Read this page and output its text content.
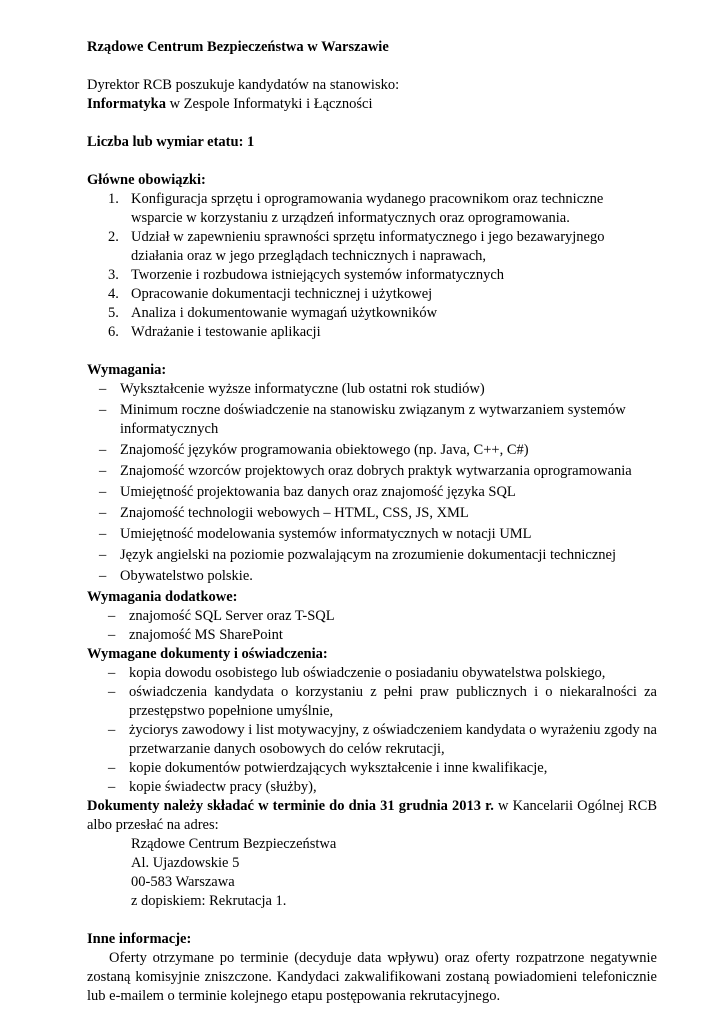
Rządowe Centrum Bezpieczeństwa w Warszawie
Dyrektor RCB poszukuje kandydatów na stanowisko:
Informatyka w Zespole Informatyki i Łączności
Liczba lub wymiar etatu: 1
Główne obowiązki:
1. Konfiguracja sprzętu i oprogramowania wydanego pracownikom oraz techniczne wsparcie w korzystaniu z urządzeń informatycznych oraz oprogramowania.
2. Udział w zapewnieniu sprawności sprzętu informatycznego i jego bezawaryjnego działania oraz w jego przeglądach technicznych i naprawach,
3. Tworzenie i rozbudowa istniejących systemów informatycznych
4. Opracowanie dokumentacji technicznej i użytkowej
5. Analiza i dokumentowanie wymagań użytkowników
6. Wdrażanie i testowanie aplikacji
Wymagania:
– Wykształcenie wyższe informatyczne (lub ostatni rok studiów)
– Minimum roczne doświadczenie na stanowisku związanym z wytwarzaniem systemów informatycznych
– Znajomość języków programowania obiektowego (np. Java, C++, C#)
– Znajomość wzorców projektowych oraz dobrych praktyk wytwarzania oprogramowania
– Umiejętność projektowania baz danych oraz znajomość języka SQL
– Znajomość technologii webowych – HTML, CSS, JS, XML
– Umiejętność modelowania systemów informatycznych w notacji UML
– Język angielski na poziomie pozwalającym na zrozumienie dokumentacji technicznej
– Obywatelstwo polskie.
Wymagania dodatkowe:
– znajomość SQL Server oraz T-SQL
– znajomość MS SharePoint
Wymagane dokumenty i oświadczenia:
– kopia dowodu osobistego lub oświadczenie o posiadaniu obywatelstwa polskiego,
– oświadczenia kandydata o korzystaniu z pełni praw publicznych i o niekaralności za przestępstwo popełnione umyślnie,
– życiorys zawodowy i list motywacyjny, z oświadczeniem kandydata o wyrażeniu zgody na przetwarzanie danych osobowych do celów rekrutacji,
– kopie dokumentów potwierdzających wykształcenie i inne kwalifikacje,
– kopie świadectw pracy (służby),
Dokumenty należy składać w terminie do dnia 31 grudnia 2013 r. w Kancelarii Ogólnej RCB albo przesłać na adres:
Rządowe Centrum Bezpieczeństwa
Al. Ujazdowskie 5
00-583 Warszawa
z dopiskiem: Rekrutacja 1.
Inne informacje:
Oferty otrzymane po terminie (decyduje data wpływu) oraz oferty rozpatrzone negatywnie zostaną komisyjnie zniszczone. Kandydaci zakwalifikowani zostaną powiadomieni telefonicznie lub e-mailem o terminie kolejnego etapu postępowania rekrutacyjnego.
